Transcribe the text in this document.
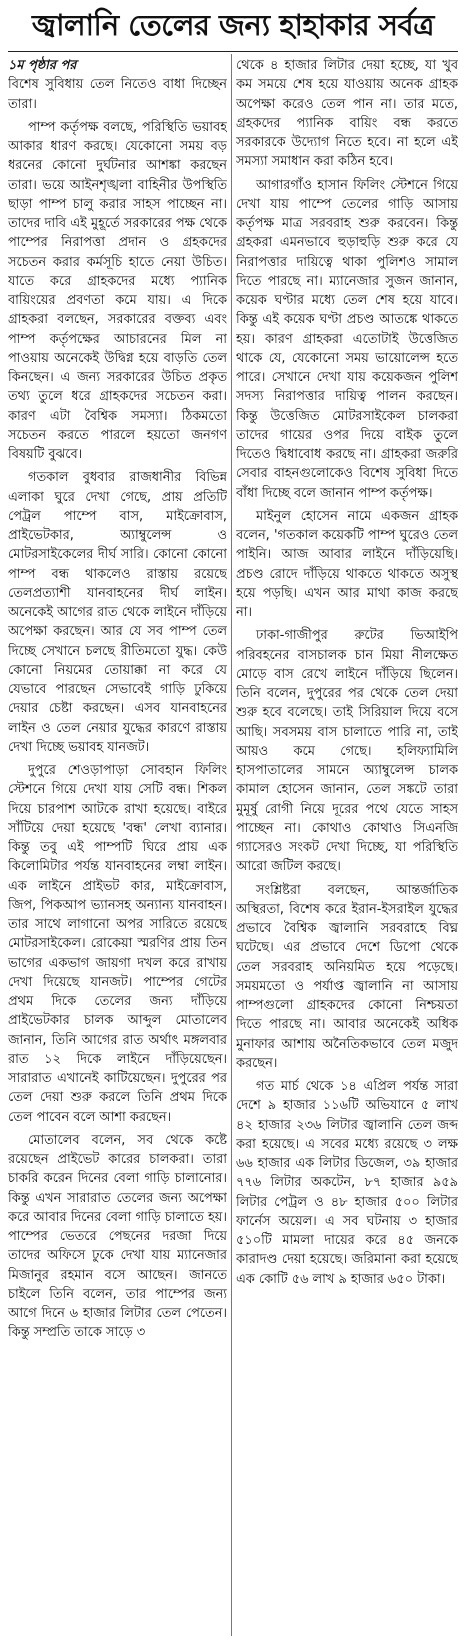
জ্বালানি তেলের জন্য হাহাকার সর্বত্র
১ম পৃষ্ঠার পর

বিশেষ সুবিধায় তেল নিতেও বাধা দিচ্ছেন তারা।

পাম্প কর্তৃপক্ষ বলছে, পরিস্থিতি ভয়াবহ আকার ধারণ করছে। যেকোনো সময় বড় ধরনের কোনো দুর্ঘটনার আশঙ্কা করছেন তারা। ভয়ে আইনশৃঙ্খলা বাহিনীর উপস্থিতি ছাড়া পাম্প চালু করার সাহস পাচ্ছেন না। তাদের দাবি এই মুহূর্তে সরকারের পক্ষ থেকে পাম্পের নিরাপত্তা প্রদান ও গ্রহকদের সচেতন করার কর্মসূচি হাতে নেয়া উচিত। যাতে করে গ্রাহকদের মধ্যে প্যানিক বায়িংয়ের প্রবণতা কমে যায়। এ দিকে গ্রাহকরা বলছেন, সরকারের বক্তব্য এবং পাম্প কর্তৃপক্ষের আচারনের মিল না পাওয়ায় অনেকেই উদ্বিগ্ন হয়ে বাড়তি তেল কিনছেন। এ জন্য সরকারের উচিত প্রকৃত তথ্য তুলে ধরে গ্রাহকদের সচেতন করা। কারণ এটা বৈশ্বিক সমস্যা। ঠিকমতো সচেতন করতে পারলে হয়তো জনগণ বিষয়টি বুঝবে।

গতকাল বুধবার রাজধানীর বিভিন্ন এলাকা ঘুরে দেখা গেছে, প্রায় প্রতিটি পেট্রল পাম্পে বাস, মাইক্রোবাস, প্রাইভেটকার, অ্যাম্বুলেন্স ও মোটরসাইকেলের দীর্ঘ সারি। কোনো কোনো পাম্প বন্ধ থাকলেও রাস্তায় রয়েছে তেলপ্রত্যাশী যানবাহনের দীর্ঘ লাইন। অনেকেই আগের রাত থেকে লাইনে দাঁড়িয়ে অপেক্ষা করছেন। আর যে সব পাম্প তেল দিচ্ছে সেখানে চলছে রীতিমতো যুদ্ধ। কেউ কোনো নিয়মের তোয়াক্কা না করে যে যেভাবে পারছেন সেভাবেই গাড়ি ঢুকিয়ে দেয়ার চেষ্টা করছেন। এসব যানবাহনের লাইন ও তেল নেয়ার যুদ্ধের কারণে রাস্তায় দেখা দিচ্ছে ভয়াবহ যানজট।

দুপুরে শেওড়াপাড়া সোবহান ফিলিং স্টেশনে গিয়ে দেখা যায় সেটি বন্ধ। শিকল দিয়ে চারপাশ আটকে রাখা হয়েছে। বাইরে সাঁটিয়ে দেয়া হয়েছে 'বন্ধ' লেখা ব্যানার। কিন্তু তবু এই পাম্পটি ঘিরে প্রায় এক কিলোমিটার পর্যন্ত যানবাহনের লম্বা লাইন। এক লাইনে প্রাইভট কার, মাইক্রোবাস, জিপ, পিকআপ ভ্যানসহ অন্যান্য যানবাহন। তার সাথে লাগানো অপর সারিতে রয়েছে মোটরসাইকেল। রোকেয়া স্মরণির প্রায় তিন ভাগের একভাগ জায়গা দখল করে রাখায় দেখা দিয়েছে যানজট। পাম্পের গেটের প্রথম দিকে তেলের জন্য দাঁড়িয়ে প্রাইভেটকার চালক আব্দুল মোতালেব জানান, তিনি আগের রাত অর্থাৎ মঙ্গলবার রাত ১২ দিকে লাইনে দাঁড়িয়েছেন। সারারাত এখানেই কাটিয়েছেন। দুপুরের পর তেল দেয়া শুরু করলে তিনি প্রথম দিকে তেল পাবেন বলে আশা করছেন।

মোতালেব বলেন, সব থেকে কষ্টে রয়েছেন প্রাইভেট কারের চালকরা। তারা চাকরি করেন দিনের বেলা গাড়ি চালানোর। কিন্তু এখন সারারাত তেলের জন্য অপেক্ষা করে আবার দিনের বেলা গাড়ি চালাতে হয়। পাম্পের ভেতরে পেছনের দরজা দিয়ে তাদের অফিসে ঢুকে দেখা যায় ম্যানেজার মিজানুর রহমান বসে আছেন। জানতে চাইলে তিনি বলেন, তার পাম্পের জন্য আগে দিনে ৬ হাজার লিটার তেল পেতেন। কিন্তু সম্প্রতি তাকে সাড়ে ৩

থেকে ৪ হাজার লিটার দেয়া হচ্ছে, যা খুব কম সময়ে শেষ হয়ে যাওয়ায় অনেক গ্রাহক অপেক্ষা করেও তেল পান না। তার মতে, গ্রহকদের প্যানিক বায়িং বন্ধ করতে সরকারকে উদ্যোগ নিতে হবে। না হলে এই সমস্যা সমাধান করা কঠিন হবে।

আগারগাঁও হাসান ফিলিং স্টেশনে গিয়ে দেখা যায় পাম্পে তেলের গাড়ি আসায় কর্তৃপক্ষ মাত্র সরবরাহ শুরু করবেন। কিন্তু গ্রহকরা এমনভাবে হুড়াহুড়ি শুরু করে যে নিরাপত্তার দায়িত্বে থাকা পুলিশও সামাল দিতে পারছে না। ম্যানেজার সুজন জানান, কয়েক ঘণ্টার মধ্যে তেল শেষ হয়ে যাবে। কিন্তু এই কয়েক ঘণ্টা প্রচণ্ড আতঙ্কে থাকতে হয়। কারণ গ্রাহকরা এতোটাই উত্তেজিত থাকে যে, যেকোনো সময় ভায়োলেন্স হতে পারে। সেখানে দেখা যায় কয়েকজন পুলিশ সদস্য নিরাপত্তার দায়িত্ব পালন করছেন। কিন্তু উত্তেজিত মোটরসাইকেল চালকরা তাদের গায়ের ওপর দিয়ে বাইক তুলে দিতেও দ্বিধাবোধ করছে না। গ্রাহকরা জরুরি সেবার বাহনগুলোকেও বিশেষ সুবিধা দিতে বাঁধা দিচ্ছে বলে জানান পাম্প কর্তৃপক্ষ।

মাইনুল হোসেন নামে একজন গ্রাহক বলেন, 'গতকাল কয়েকটি পাম্প ঘুরেও তেল পাইনি। আজ আবার লাইনে দাঁড়িয়েছি। প্রচণ্ড রোদে দাঁড়িয়ে থাকতে থাকতে অসুস্থ হয়ে পড়ছি। এখন আর মাথা কাজ করছে না।

ঢাকা-গাজীপুর রুটের ভিআইপি পরিবহনের বাসচালক চান মিয়া নীলক্ষেত মোড়ে বাস রেখে লাইনে দাঁড়িয়ে ছিলেন। তিনি বলেন, দুপুরের পর থেকে তেল দেয়া শুরু হবে বলেছে। তাই সিরিয়াল দিয়ে বসে আছি। সবসময় বাস চালাতে পারি না, তাই আয়ও কমে গেছে। হলিফ্যামিলি হাসপাতালের সামনে অ্যাম্বুলেন্স চালক কামাল হোসেন জানান, তেল সঙ্কটে তারা মুমূর্ষু রোগী নিয়ে দূরের পথে যেতে সাহস পাচ্ছেন না। কোথাও কোথাও সিএনজি গ্যাসেরও সংকট দেখা দিচ্ছে, যা পরিস্থিতি আরো জটিল করছে।

সংশ্লিষ্টরা বলছেন, আন্তর্জাতিক অস্থিরতা, বিশেষ করে ইরান-ইসরাইল যুদ্ধের প্রভাবে বৈশ্বিক জ্বালানি সরবরাহে বিঘ্ন ঘটেছে। এর প্রভাবে দেশে ডিপো থেকে তেল সরবরাহ অনিয়মিত হয়ে পড়েছে। সময়মতো ও পর্যাপ্ত জ্বালানি না আসায় পাম্পগুলো গ্রাহকদের কোনো নিশ্চয়তা দিতে পারছে না। আবার অনেকেই অধিক মুনাফার আশায় অনৈতিকভাবে তেল মজুদ করছেন।

গত মার্চ থেকে ১৪ এপ্রিল পর্যন্ত সারা দেশে ৯ হাজার ১১৬টি অভিযানে ৫ লাখ ৪২ হাজার ২৩৬ লিটার জ্বালানি তেল জব্দ করা হয়েছে। এ সবের মধ্যে রয়েছে ৩ লক্ষ ৬৬ হাজার এক লিটার ডিজেল, ৩৯ হাজার ৭৭৬ লিটার অকটেন, ৮৭ হাজার ৯৫৯ লিটার পেট্রল ও ৪৮ হাজার ৫০০ লিটার ফার্নেস অয়েল। এ সব ঘটনায় ৩ হাজার ৫১০টি মামলা দায়ের করে ৪৫ জনকে কারাদণ্ড দেয়া হয়েছে। জরিমানা করা হয়েছে এক কোটি ৫৬ লাখ ৯ হাজার ৬৫০ টাকা।
